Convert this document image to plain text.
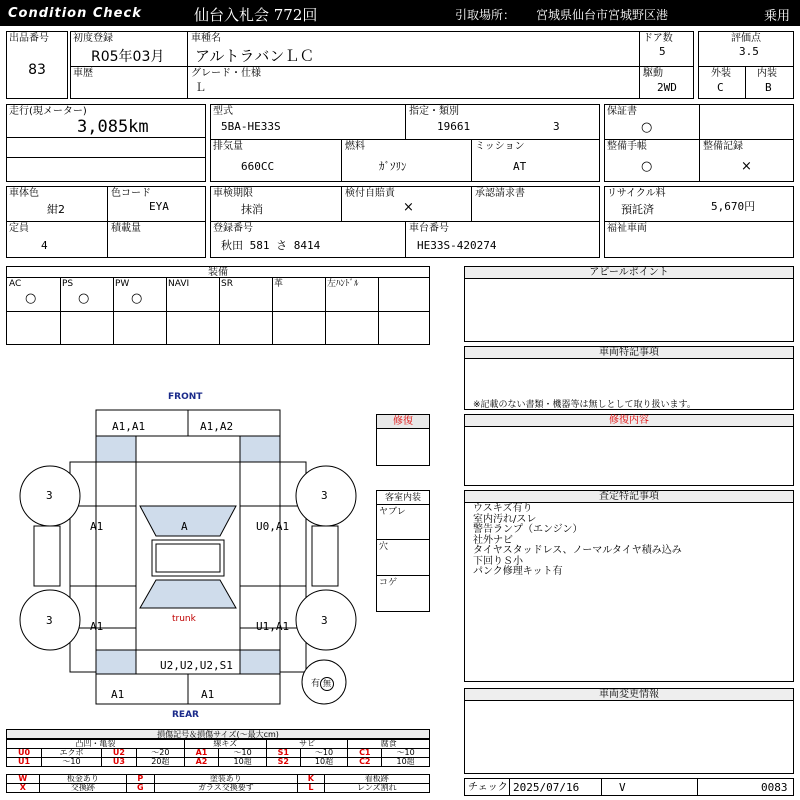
Condition Check	仙台入札会 772回	引取場所： 宮城県仙台市宮城野区港	乗用
出品番号
83
初度登録
R05年03月
車歴
車種名
アルトラバンＬＣ
グレード・仕様
Ｌ
ドア数
5
駆動
2WD
評価点
3.5
外装
C
内装
B
走行(現メーター)
3,085km
型式
5BA-HE33S
指定・類別
19661	3
排気量
660CC
燃料
ｶﾞｿﾘﾝ
ミッション
AT
保証書
○
整備手帳
○
整備記録
×
車体色
紺2
色コード
EYA
定員
4
積載量
車検期限
抹消
検付自賠責
×
承認請求書
登録番号
秋田 581 さ 8414
車台番号
HE33S-420274
リサイクル料
預託済	5,670円
福祉車両
装備
AC
○
PS
○
PW
○
NAVI	SR	革	左ﾊﾝﾄﾞﾙ
アピールポイント
車両特記事項
※記載のない書類・機器等は無しとして取り扱います。
修復内容
査定特記事項
ウスキズ有り
室内汚れ/スレ
警告ランプ（エンジン）
社外ナビ
タイヤスタッドレス、ノーマルタイヤ積み込み
下回りＳ小
パンク修理キット有
車両変更情報
チェック 2025/07/16	V	0083
FRONT
REAR
A1,A1	A1,A2
A1	A	U0,A1
A1
trunk
U1,A1
U2,U2,U2,S1
A1	A1
3	3
3	3
有 無
修復
客室内装
ヤブレ
穴
コゲ
損傷記号＆損傷サイズ(～最大cm)
凸凹・亀裂				線キズ		サビ		腐食	
U0	エクボ	U2	～20	A1	～10	S1	～10	C1	～10
U1	～10	U3	20超	A2	10超	S2	10超	C2	10超
W	板金あり	P	塗装あり	K	看板跡
X	交換跡	G	ガラス交換要す	L	レンズ割れ
